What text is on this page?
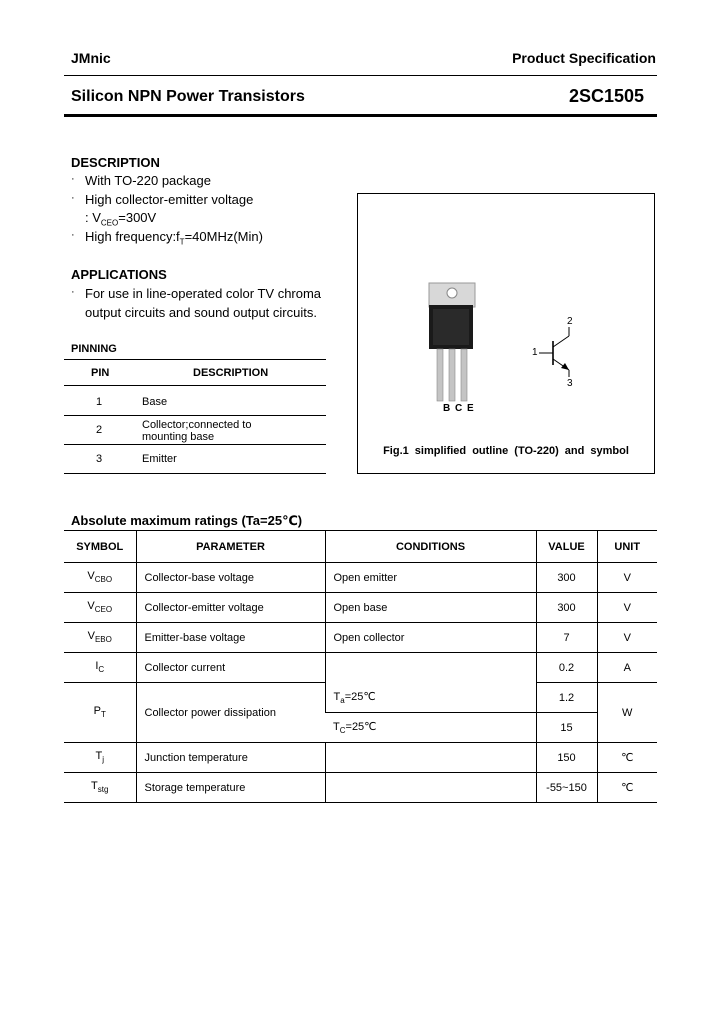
JMnic	Product Specification
Silicon NPN Power Transistors	2SC1505
DESCRIPTION
· With TO-220 package
· High collector-emitter voltage
: $V_{CEO}=300V$
· High $frequency:f_T=40MHz(Min)$
APPLICATIONS
· For use in line-operated color TV chroma
output circuits and sound output circuits.
PINNING
PIN	DESCRIPTION
1	Base
2	Collector;connected to mounting base
3	Emitter
B C E
1
2
3
Fig.1 simplified outline (TO-220) and symbol
Absolute maximum ratings (Ta=25℃)
SYMBOL	PARAMETER	CONDITIONS	VALUE	UNIT
$V_{CBO}$	Collector-base voltage	Open emitter	300	V
$V_{CEO}$	Collector-emitter voltage	Open base	300	V
$V_{EBO}$	Emitter-base voltage	Open collector	7	V
$I_C$	Collector current		0.2	A
$P_T$	Collector power dissipation	$T_a=25℃$	1.2	W
		$T_C=25℃$	15	
$T_j$	Junction temperature		150	℃
$T_{stg}$	Storage temperature		-55~150	℃
